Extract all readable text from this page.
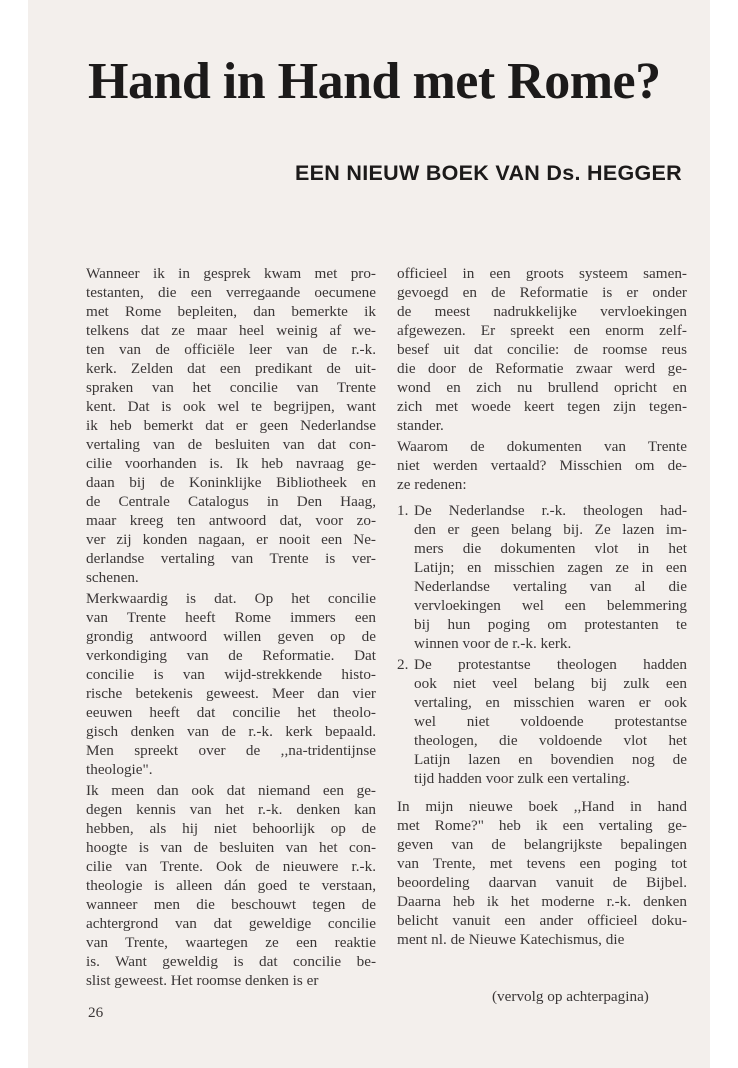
Hand in Hand met Rome?
EEN NIEUW BOEK VAN Ds. HEGGER
Wanneer ik in gesprek kwam met pro-
testanten, die een verregaande oecumene
met Rome bepleiten, dan bemerkte ik
telkens dat ze maar heel weinig af we-
ten van de officiële leer van de r.-k.
kerk. Zelden dat een predikant de uit-
spraken van het concilie van Trente
kent. Dat is ook wel te begrijpen, want
ik heb bemerkt dat er geen Nederlandse
vertaling van de besluiten van dat con-
cilie voorhanden is. Ik heb navraag ge-
daan bij de Koninklijke Bibliotheek en
de Centrale Catalogus in Den Haag,
maar kreeg ten antwoord dat, voor zo-
ver zij konden nagaan, er nooit een Ne-
derlandse vertaling van Trente is ver-
schenen.
Merkwaardig is dat. Op het concilie
van Trente heeft Rome immers een
grondig antwoord willen geven op de
verkondiging van de Reformatie. Dat
concilie is van wijd-strekkende histo-
rische betekenis geweest. Meer dan vier
eeuwen heeft dat concilie het theolo-
gisch denken van de r.-k. kerk bepaald.
Men spreekt over de ,,na-tridentijnse
theologie".
Ik meen dan ook dat niemand een ge-
degen kennis van het r.-k. denken kan
hebben, als hij niet behoorlijk op de
hoogte is van de besluiten van het con-
cilie van Trente. Ook de nieuwere r.-k.
theologie is alleen dán goed te verstaan,
wanneer men die beschouwt tegen de
achtergrond van dat geweldige concilie
van Trente, waartegen ze een reaktie
is. Want geweldig is dat concilie be-
slist geweest. Het roomse denken is er
officieel in een groots systeem samen-
gevoegd en de Reformatie is er onder
de meest nadrukkelijke vervloekingen
afgewezen. Er spreekt een enorm zelf-
besef uit dat concilie: de roomse reus
die door de Reformatie zwaar werd ge-
wond en zich nu brullend opricht en
zich met woede keert tegen zijn tegen-
stander.
Waarom de dokumenten van Trente
niet werden vertaald? Misschien om de-
ze redenen:
1. De Nederlandse r.-k. theologen had-
den er geen belang bij. Ze lazen im-
mers die dokumenten vlot in het
Latijn; en misschien zagen ze in een
Nederlandse vertaling van al die
vervloekingen wel een belemmering
bij hun poging om protestanten te
winnen voor de r.-k. kerk.
2. De protestantse theologen hadden
ook niet veel belang bij zulk een
vertaling, en misschien waren er ook
wel niet voldoende protestantse
theologen, die voldoende vlot het
Latijn lazen en bovendien nog de
tijd hadden voor zulk een vertaling.
In mijn nieuwe boek ,,Hand in hand
met Rome?" heb ik een vertaling ge-
geven van de belangrijkste bepalingen
van Trente, met tevens een poging tot
beoordeling daarvan vanuit de Bijbel.
Daarna heb ik het moderne r.-k. denken
belicht vanuit een ander officieel doku-
ment nl. de Nieuwe Katechismus, die
(vervolg op achterpagina)
26
